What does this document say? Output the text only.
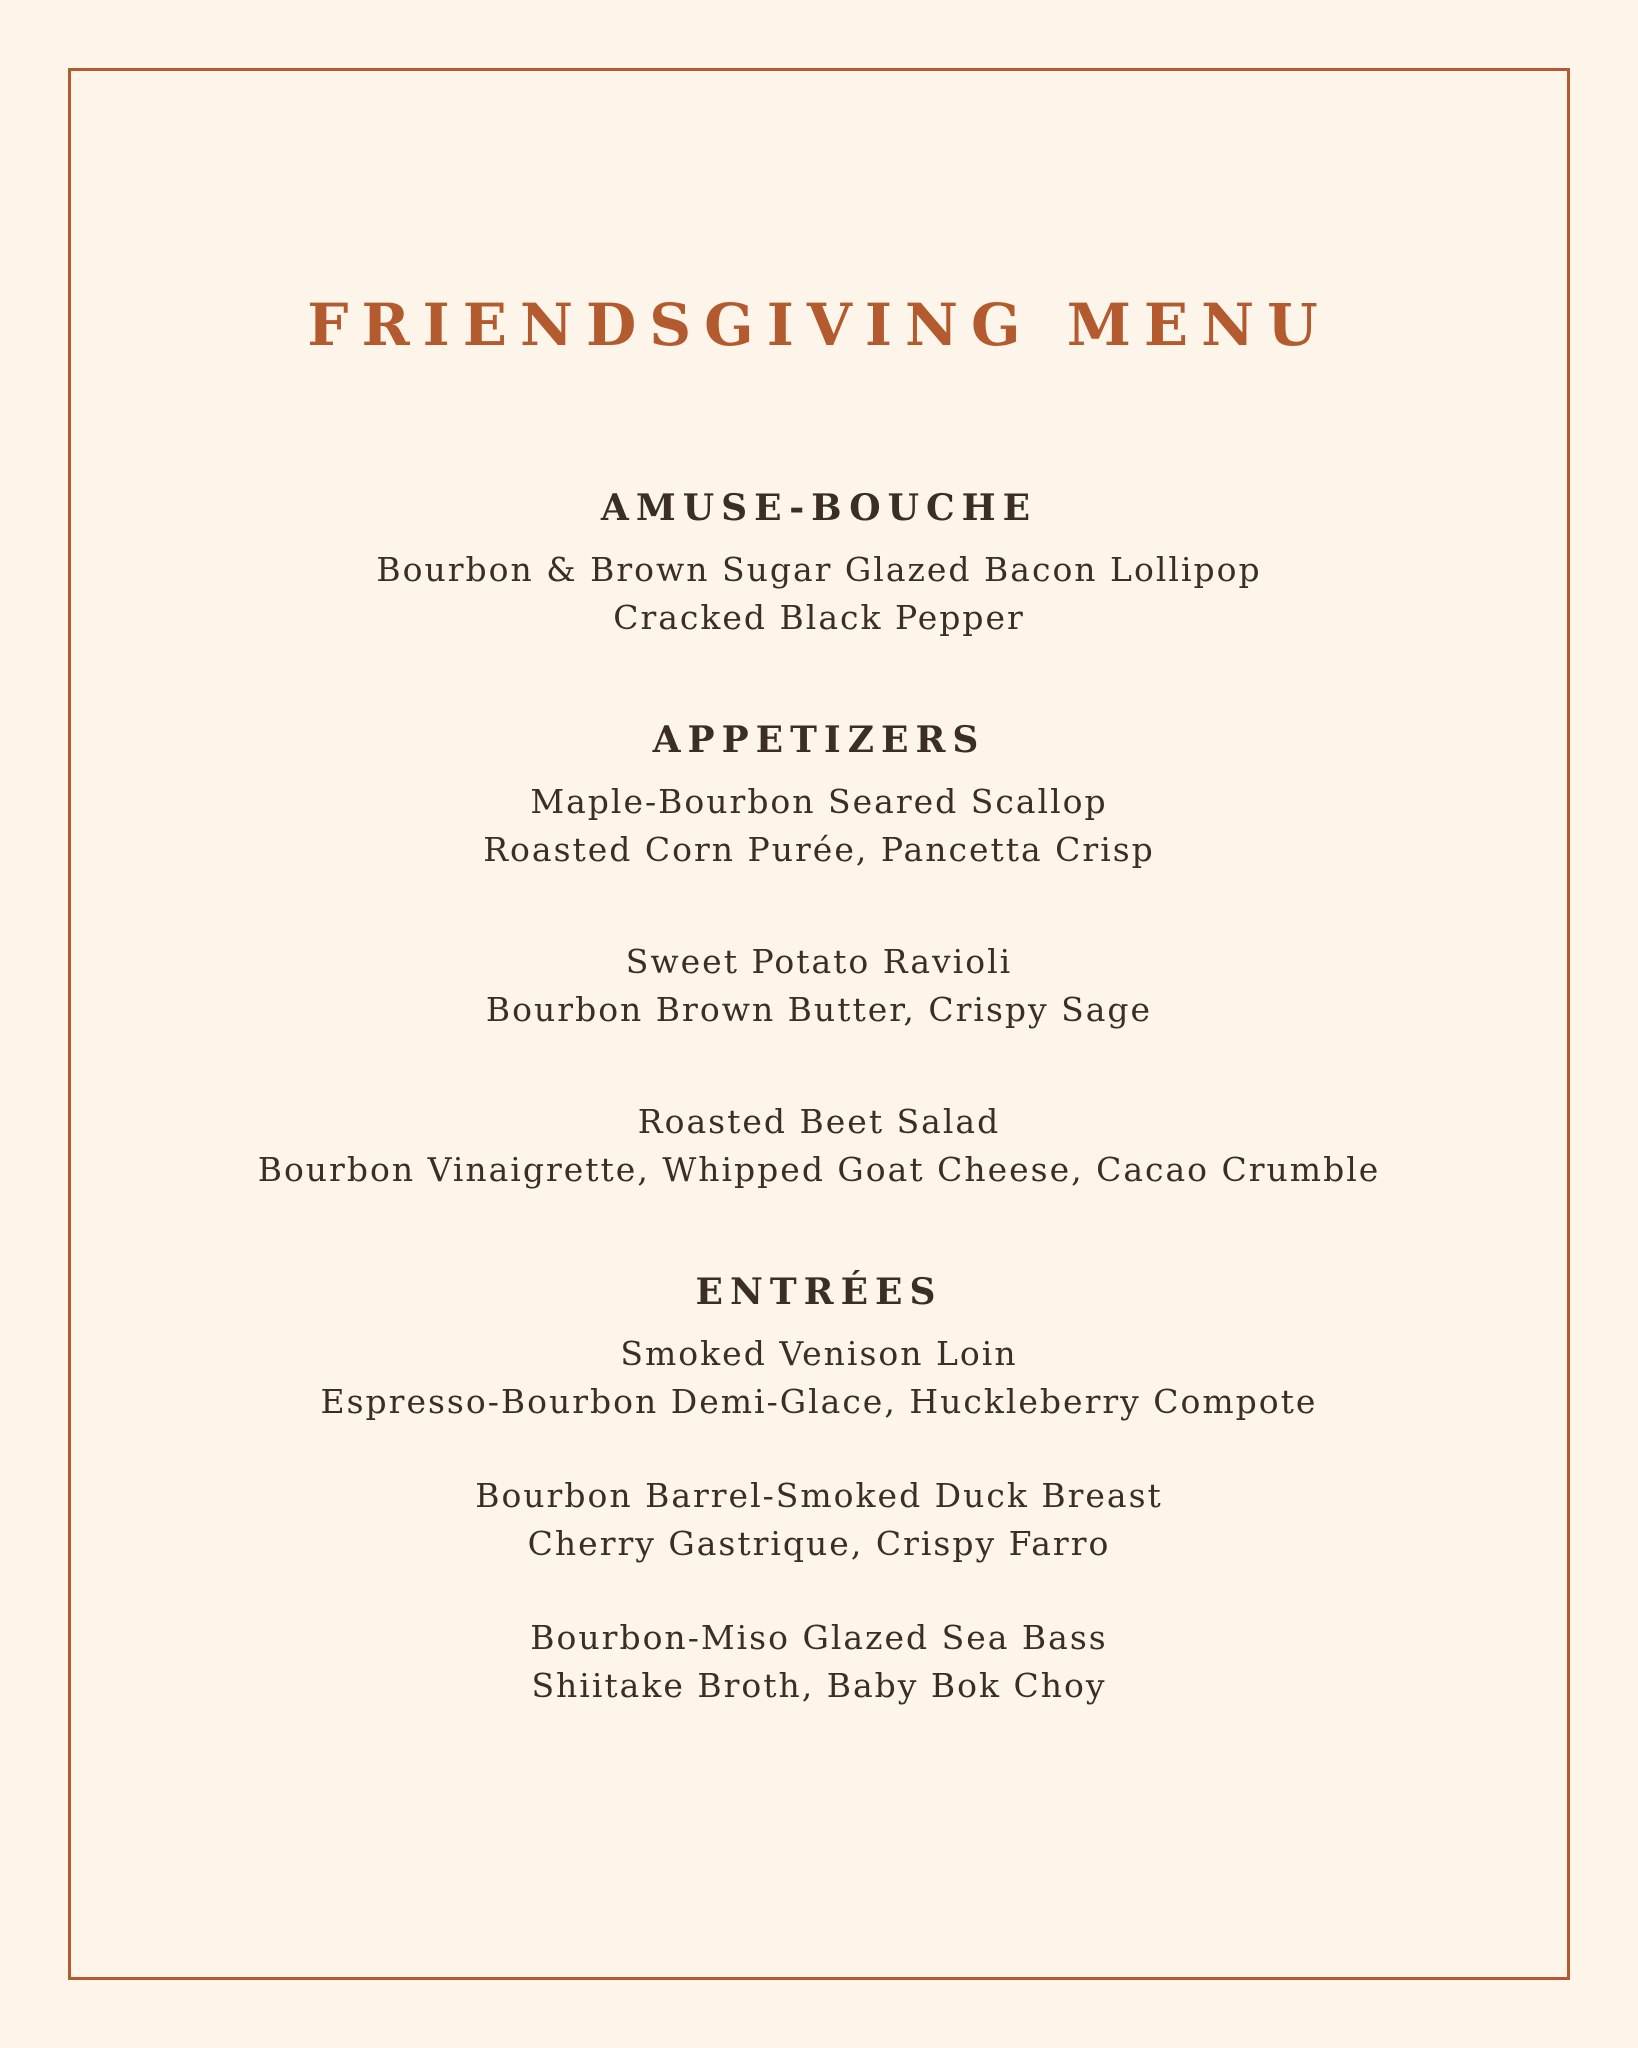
FRIENDSGIVING MENU
AMUSE-BOUCHE
Bourbon & Brown Sugar Glazed Bacon Lollipop
Cracked Black Pepper
APPETIZERS
Maple-Bourbon Seared Scallop
Roasted Corn Purée, Pancetta Crisp
Sweet Potato Ravioli
Bourbon Brown Butter, Crispy Sage
Roasted Beet Salad
Bourbon Vinaigrette, Whipped Goat Cheese, Cacao Crumble
ENTRÉES
Smoked Venison Loin
Espresso-Bourbon Demi-Glace, Huckleberry Compote
Bourbon Barrel-Smoked Duck Breast
Cherry Gastrique, Crispy Farro
Bourbon-Miso Glazed Sea Bass
Shiitake Broth, Baby Bok Choy
